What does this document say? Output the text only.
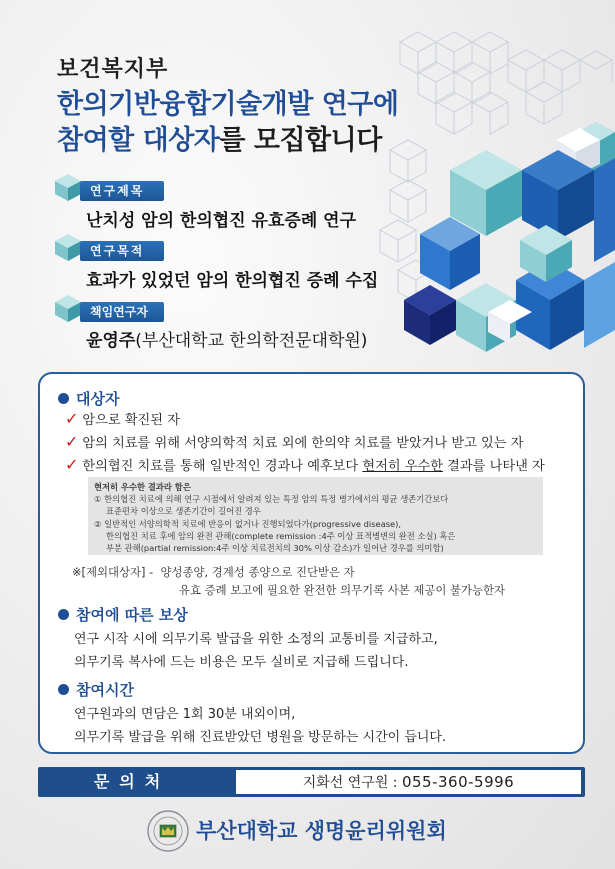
보건복지부
한의기반융합기술개발 연구에
참여할 대상자를 모집합니다
연구제목
난치성 암의 한의협진 유효증례 연구
연구목적
효과가 있었던 암의 한의협진 증례 수집
책임연구자
윤영주(부산대학교 한의학전문대학원)
대상자
✓ 암으로 확진된 자
✓ 암의 치료를 위해 서양의학적 치료 외에 한의약 치료를 받았거나 받고 있는 자
✓ 한의협진 치료를 통해 일반적인 경과나 예후보다 현저히 우수한 결과를 나타낸 자
현저히 우수한 결과라 함은
① 한의협진 치료에 의해 연구 시점에서 알려져 있는 특정 암의 특정 병기에서의 평균 생존기간보다
표준편차 이상으로 생존기간이 길어진 경우
② 일반적인 서양의학적 치료에 반응이 없거나 진행되었다가(progressive disease),
한의협진 치료 후에 암의 완전 관해(complete remission :4주 이상 표적병변의 완전 소실) 혹은
부분 관해(partial remission:4주 이상 치료전치의 30% 이상 감소)가 일어난 경우를 의미함)
※[제외대상자] - 양성종양, 경계성 종양으로 진단받은 자
유효 증례 보고에 필요한 완전한 의무기록 사본 제공이 불가능한자
참여에 따른 보상
연구 시작 시에 의무기록 발급을 위한 소정의 교통비를 지급하고,
의무기록 복사에 드는 비용은 모두 실비로 지급해 드립니다.
참여시간
연구원과의 면담은 1회 30분 내외이며,
의무기록 발급을 위해 진료받았던 병원을 방문하는 시간이 듭니다.
문의처	지화선 연구원 : 055-360-5996
부산대학교 생명윤리위원회
